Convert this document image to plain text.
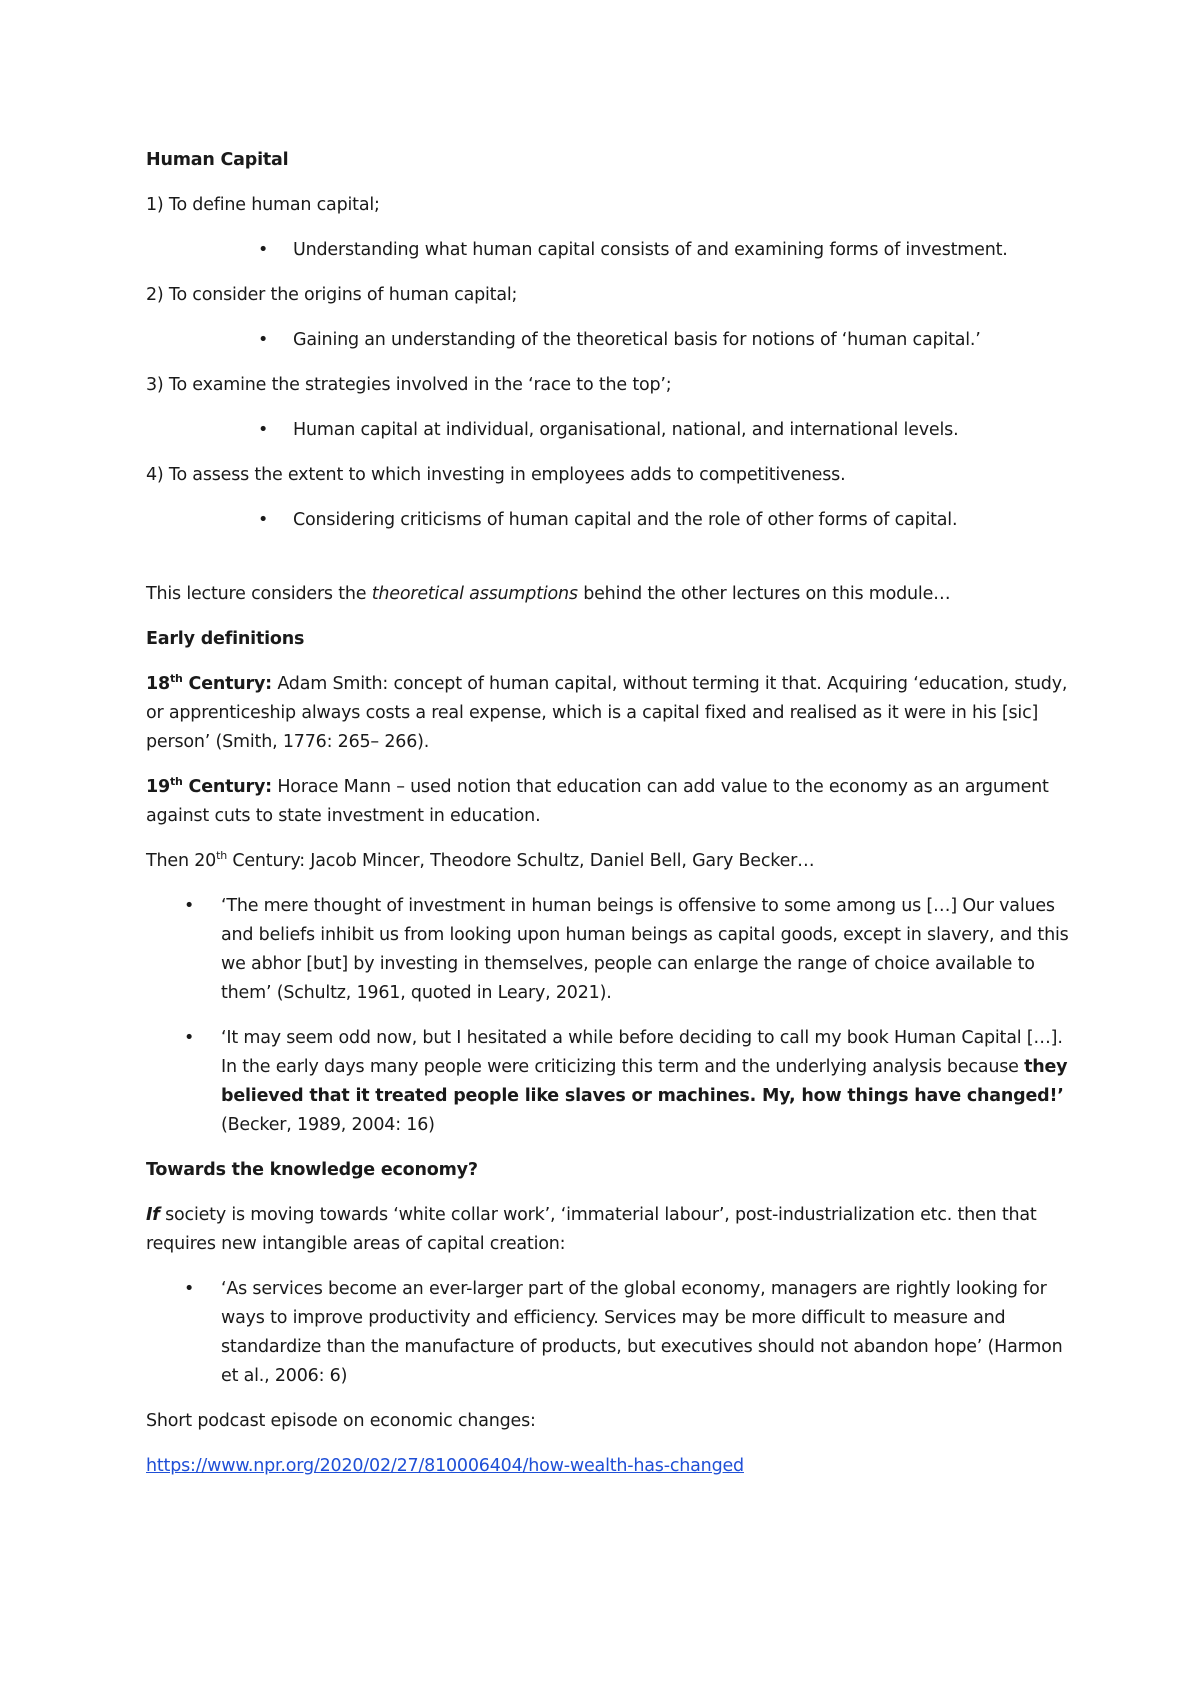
Human Capital

1) To define human capital;

• Understanding what human capital consists of and examining forms of investment.

2) To consider the origins of human capital;

• Gaining an understanding of the theoretical basis for notions of ‘human capital.’

3) To examine the strategies involved in the ‘race to the top’;

• Human capital at individual, organisational, national, and international levels.

4) To assess the extent to which investing in employees adds to competitiveness.

• Considering criticisms of human capital and the role of other forms of capital.

This lecture considers the theoretical assumptions behind the other lectures on this module…

Early definitions

18th Century: Adam Smith: concept of human capital, without terming it that. Acquiring ‘education, study, or apprenticeship always costs a real expense, which is a capital fixed and realised as it were in his [sic] person’ (Smith, 1776: 265– 266).

19th Century: Horace Mann – used notion that education can add value to the economy as an argument against cuts to state investment in education.

Then 20th Century: Jacob Mincer, Theodore Schultz, Daniel Bell, Gary Becker…

• ‘The mere thought of investment in human beings is offensive to some among us […] Our values and beliefs inhibit us from looking upon human beings as capital goods, except in slavery, and this we abhor [but] by investing in themselves, people can enlarge the range of choice available to them’ (Schultz, 1961, quoted in Leary, 2021).
• ‘It may seem odd now, but I hesitated a while before deciding to call my book Human Capital […]. In the early days many people were criticizing this term and the underlying analysis because they believed that it treated people like slaves or machines. My, how things have changed!’ (Becker, 1989, 2004: 16)

Towards the knowledge economy?

If society is moving towards ‘white collar work’, ‘immaterial labour’, post-industrialization etc. then that requires new intangible areas of capital creation:

• ‘As services become an ever-larger part of the global economy, managers are rightly looking for ways to improve productivity and efficiency. Services may be more difficult to measure and standardize than the manufacture of products, but executives should not abandon hope’ (Harmon et al., 2006: 6)

Short podcast episode on economic changes:

https://www.npr.org/2020/02/27/810006404/how-wealth-has-changed
